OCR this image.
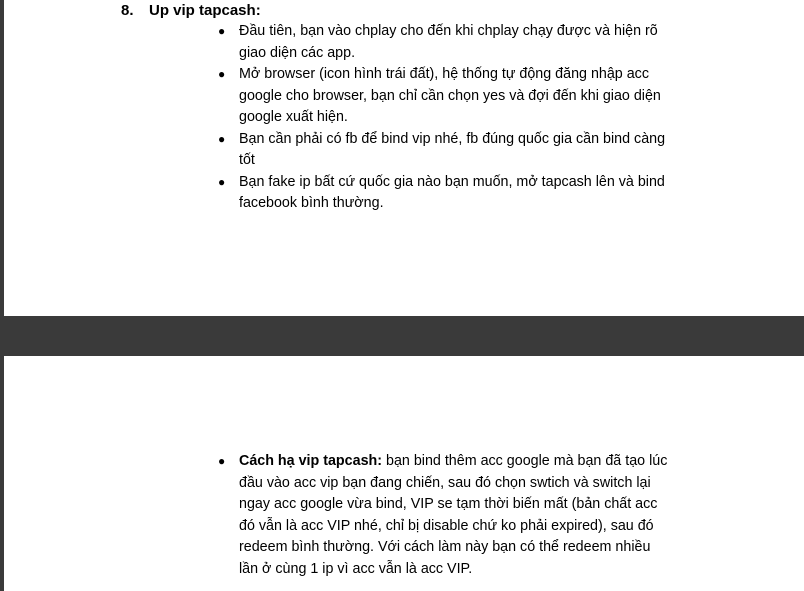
8. Up vip tapcash:
● Đầu tiên, bạn vào chplay cho đến khi chplay chạy được và hiện rõ
giao diện các app.
● Mở browser (icon hình trái đất), hệ thống tự động đăng nhập acc
google cho browser, bạn chỉ cần chọn yes và đợi đến khi giao diện
google xuất hiện.
● Bạn cần phải có fb để bind vip nhé, fb đúng quốc gia cần bind càng
tốt
● Bạn fake ip bất cứ quốc gia nào bạn muốn, mở tapcash lên và bind
facebook bình thường.
● Cách hạ vip tapcash: bạn bind thêm acc google mà bạn đã tạo lúc
đầu vào acc vip bạn đang chiến, sau đó chọn swtich và switch lại
ngay acc google vừa bind, VIP se tạm thời biến mất (bản chất acc
đó vẫn là acc VIP nhé, chỉ bị disable chứ ko phải expired), sau đó
redeem bình thường. Với cách làm này bạn có thể redeem nhiều
lần ở cùng 1 ip vì acc vẫn là acc VIP.
